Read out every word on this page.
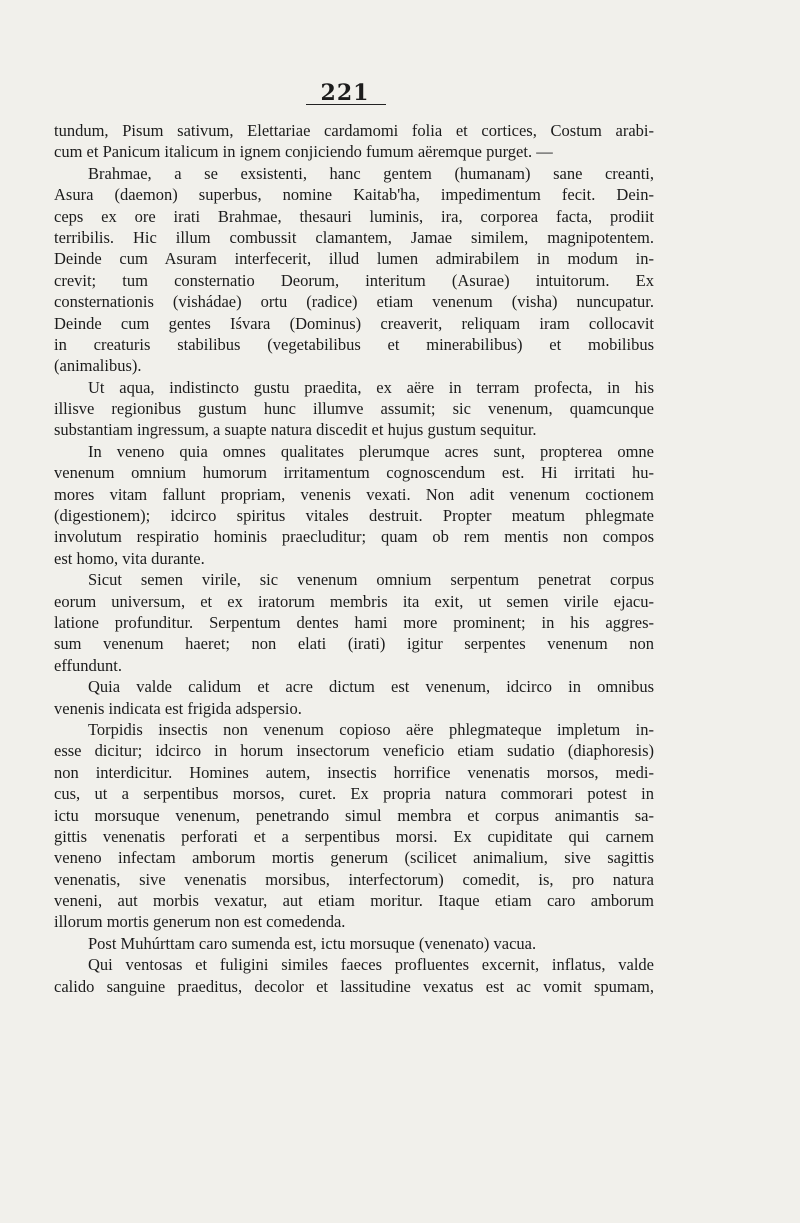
221
tundum, Pisum sativum, Elettariae cardamomi folia et cortices, Costum arabi-
cum et Panicum italicum in ignem conjiciendo fumum aëremque purget. —
Brahmae, a se exsistenti, hanc gentem (humanam) sane creanti,
Asura (daemon) superbus, nomine Kaitab'ha, impedimentum fecit. Dein-
ceps ex ore irati Brahmae, thesauri luminis, ira, corporea facta, prodiit
terribilis. Hic illum combussit clamantem, Jamae similem, magnipotentem.
Deinde cum Asuram interfecerit, illud lumen admirabilem in modum in-
crevit; tum consternatio Deorum, interitum (Asurae) intuitorum. Ex
consternationis (vishádae) ortu (radice) etiam venenum (visha) nuncupatur.
Deinde cum gentes Iśvara (Dominus) creaverit, reliquam iram collocavit
in creaturis stabilibus (vegetabilibus et minerabilibus) et mobilibus
(animalibus).
Ut aqua, indistincto gustu praedita, ex aëre in terram profecta, in his
illisve regionibus gustum hunc illumve assumit; sic venenum, quamcunque
substantiam ingressum, a suapte natura discedit et hujus gustum sequitur.
In veneno quia omnes qualitates plerumque acres sunt, propterea omne
venenum omnium humorum irritamentum cognoscendum est. Hi irritati hu-
mores vitam fallunt propriam, venenis vexati. Non adit venenum coctionem
(digestionem); idcirco spiritus vitales destruit. Propter meatum phlegmate
involutum respiratio hominis praecluditur; quam ob rem mentis non compos
est homo, vita durante.
Sicut semen virile, sic venenum omnium serpentum penetrat corpus
eorum universum, et ex iratorum membris ita exit, ut semen virile ejacu-
latione profunditur. Serpentum dentes hami more prominent; in his aggres-
sum venenum haeret; non elati (irati) igitur serpentes venenum non
effundunt.
Quia valde calidum et acre dictum est venenum, idcirco in omnibus
venenis indicata est frigida adspersio.
Torpidis insectis non venenum copioso aëre phlegmateque impletum in-
esse dicitur; idcirco in horum insectorum veneficio etiam sudatio (diaphoresis)
non interdicitur. Homines autem, insectis horrifice venenatis morsos, medi-
cus, ut a serpentibus morsos, curet. Ex propria natura commorari potest in
ictu morsuque venenum, penetrando simul membra et corpus animantis sa-
gittis venenatis perforati et a serpentibus morsi. Ex cupiditate qui carnem
veneno infectam amborum mortis generum (scilicet animalium, sive sagittis
venenatis, sive venenatis morsibus, interfectorum) comedit, is, pro natura
veneni, aut morbis vexatur, aut etiam moritur. Itaque etiam caro amborum
illorum mortis generum non est comedenda.
Post Muhúrttam caro sumenda est, ictu morsuque (venenato) vacua.
Qui ventosas et fuligini similes faeces profluentes excernit, inflatus, valde
calido sanguine praeditus, decolor et lassitudine vexatus est ac vomit spumam,
